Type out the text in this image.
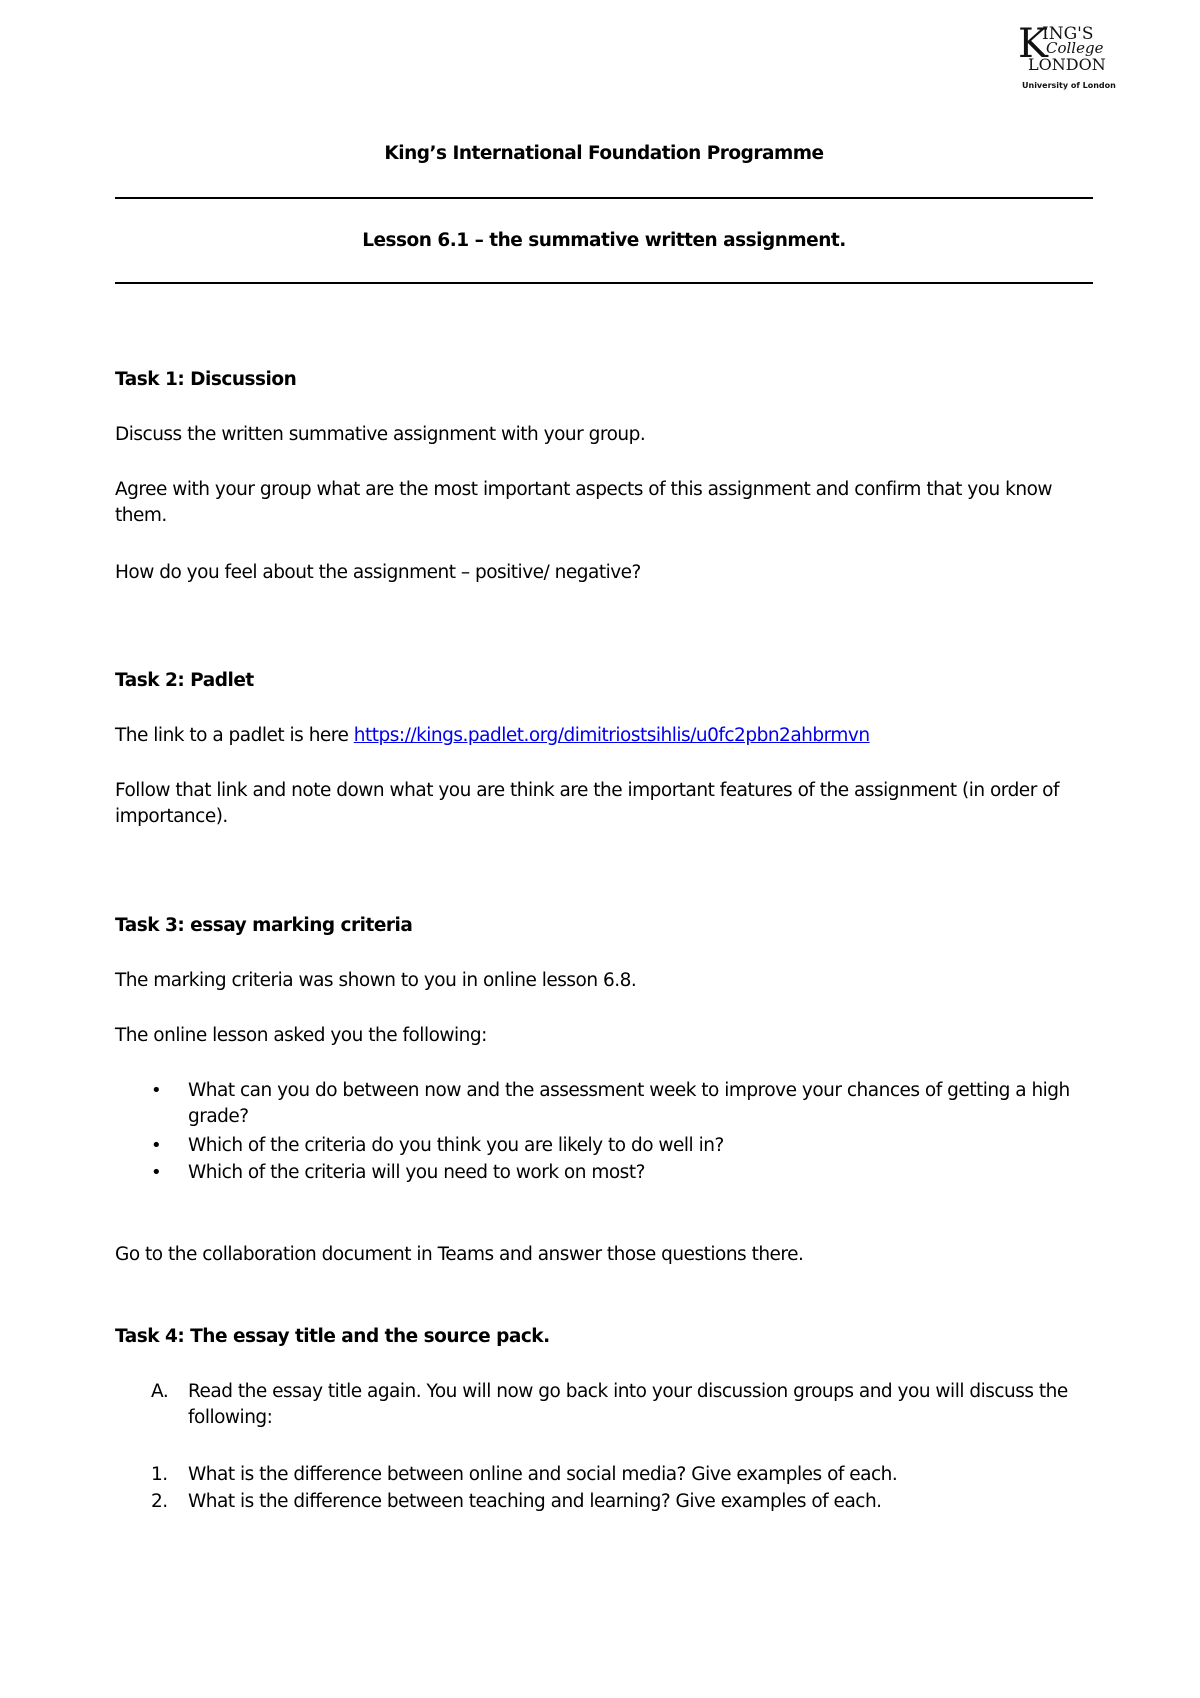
K
ING'S
College
LONDON
University of London
King’s International Foundation Programme
Lesson 6.1 – the summative written assignment.

Task 1: Discussion

Discuss the written summative assignment with your group.

Agree with your group what are the most important aspects of this assignment and confirm that you know them.

How do you feel about the assignment – positive/ negative?

Task 2: Padlet

The link to a padlet is here https://kings.padlet.org/dimitriostsihlis/u0fc2pbn2ahbrmvn

Follow that link and note down what you are think are the important features of the assignment (in order of importance).

Task 3: essay marking criteria

The marking criteria was shown to you in online lesson 6.8.

The online lesson asked you the following:

• What can you do between now and the assessment week to improve your chances of getting a high grade?

• Which of the criteria do you think you are likely to do well in?

• Which of the criteria will you need to work on most?

Go to the collaboration document in Teams and answer those questions there.

Task 4: The essay title and the source pack.

A.	Read the essay title again. You will now go back into your discussion groups and you will discuss the following:

1.	What is the difference between online and social media? Give examples of each.

2.	What is the difference between teaching and learning? Give examples of each.
